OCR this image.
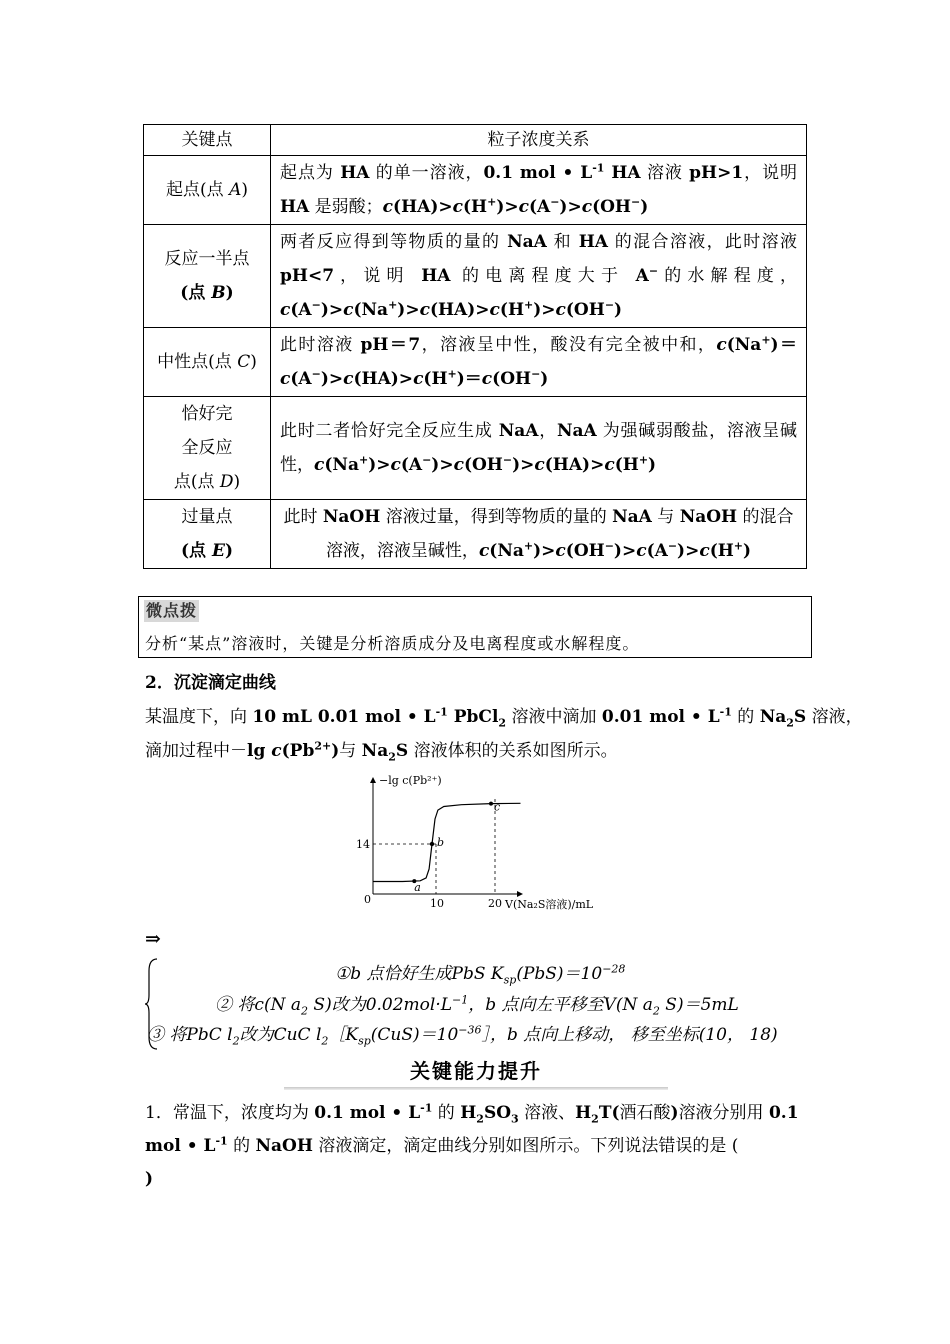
关键点	粒子浓度关系
起点(点 A)	起点为 HA 的单一溶液，0.1 mol • $L^{-1}$ HA 溶液 pH>1，说明 HA 是弱酸；c(HA)>c(H+)>c(A−)>c(OH−)
反应一半点
(点 B)	两者反应得到等物质的量的 NaA 和 HA 的混合溶液，此时溶液 pH<7，说明 HA 的电离程度大于 A−的水解程度，c(A−)>c(Na+)>c(HA)>c(H+)>c(OH−)
中性点(点 C)	此时溶液 pH＝7，溶液呈中性，酸没有完全被中和，c(Na+)＝c(A−)>c(HA)>c(H+)＝c(OH−)
恰好完
全反应
点(点 D)	此时二者恰好完全反应生成 NaA，NaA 为强碱弱酸盐，溶液呈碱性，c(Na+)>c(A−)>c(OH−)>c(HA)>c(H+)
过量点
(点 E)	此时 NaOH 溶液过量，得到等物质的量的 NaA 与 NaOH 的混合溶液，溶液呈碱性，c(Na+)>c(OH−)>c(A−)>c(H+)
微点拨
分析“某点”溶液时，关键是分析溶质成分及电离程度或水解程度。
2．沉淀滴定曲线
某温度下，向 10 mL 0.01 mol • $L^{-1}$ PbCl$_2$ 溶液中滴加 0.01 mol • $L^{-1}$ 的 $Na_2S$ 溶液，
滴加过程中－lg $c(Pb^{2+})$与 $Na_2S$ 溶液体积的关系如图所示。
−lg c(Pb²⁺)
V(Na₂S溶液)/mL
0	10	20
14
a
b
c
⇒
①b 点恰好生成PbS $K_{sp}(PbS)=10^{-28}$
② 将c(N $a_2$ S)改为$0.02mol\cdot L^{-1}$，b 点向左平移至V(N $a_2$ S)＝5mL
③ 将PbC $l_2$改为CuC $l_2[K_{sp}(CuS)=10^{-36}]$，b 点向上移动， 移至坐标(10， 18)
关键能力提升
1．常温下，浓度均为 0.1 mol • $L^{-1}$ 的 $H_2SO_3$ 溶液、$H_2T$(酒石酸)溶液分别用 0.1
mol • $L^{-1}$ 的 NaOH 溶液滴定，滴定曲线分别如图所示。下列说法错误的是 (
)
